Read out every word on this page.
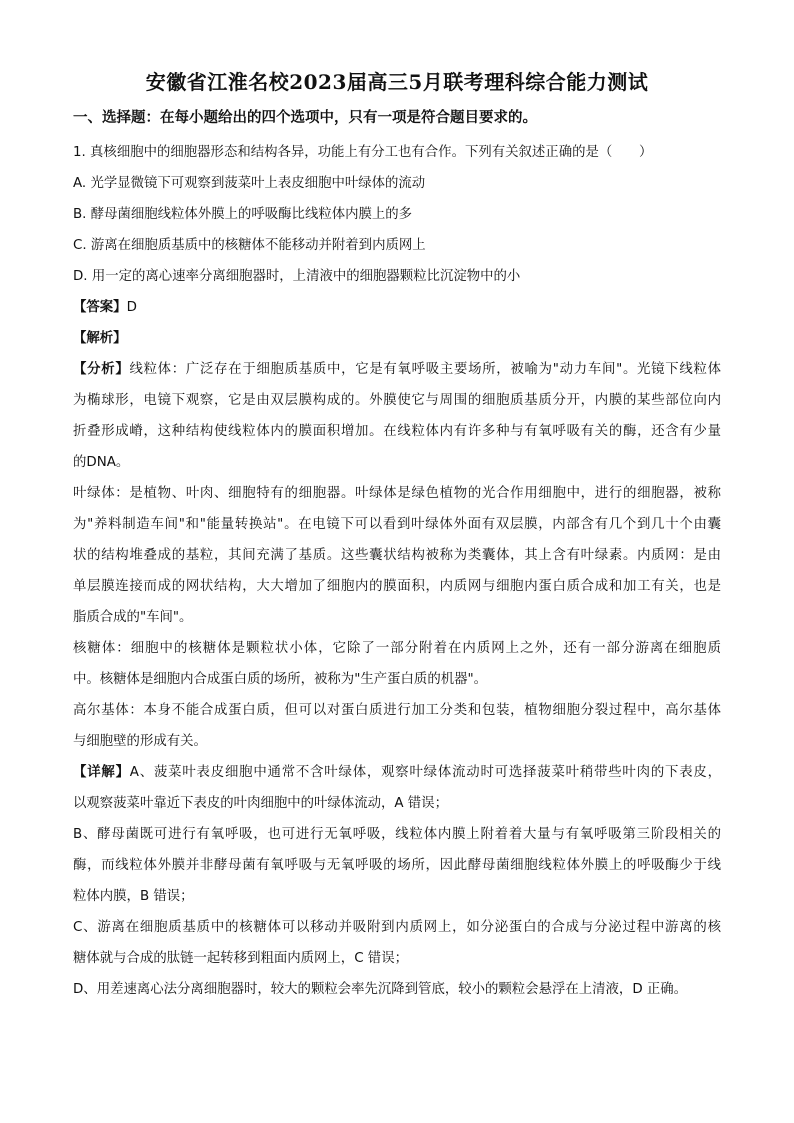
安徽省江淮名校2023届高三5月联考理科综合能力测试
一、选择题：在每小题给出的四个选项中，只有一项是符合题目要求的。
1. 真核细胞中的细胞器形态和结构各异，功能上有分工也有合作。下列有关叙述正确的是（　　）
A. 光学显微镜下可观察到菠菜叶上表皮细胞中叶绿体的流动
B. 酵母菌细胞线粒体外膜上的呼吸酶比线粒体内膜上的多
C. 游离在细胞质基质中的核糖体不能移动并附着到内质网上
D. 用一定的离心速率分离细胞器时，上清液中的细胞器颗粒比沉淀物中的小
【答案】D
【解析】
【分析】线粒体：广泛存在于细胞质基质中，它是有氧呼吸主要场所，被喻为"动力车间"。光镜下线粒体
为椭球形，电镜下观察，它是由双层膜构成的。外膜使它与周围的细胞质基质分开，内膜的某些部位向内
折叠形成嵴，这种结构使线粒体内的膜面积增加。在线粒体内有许多种与有氧呼吸有关的酶，还含有少量
的DNA。
叶绿体：是植物、叶肉、细胞特有的细胞器。叶绿体是绿色植物的光合作用细胞中，进行的细胞器，被称
为"养料制造车间"和"能量转换站"。在电镜下可以看到叶绿体外面有双层膜，内部含有几个到几十个由囊
状的结构堆叠成的基粒，其间充满了基质。这些囊状结构被称为类囊体，其上含有叶绿素。内质网：是由
单层膜连接而成的网状结构，大大增加了细胞内的膜面积，内质网与细胞内蛋白质合成和加工有关，也是
脂质合成的"车间"。
核糖体：细胞中的核糖体是颗粒状小体，它除了一部分附着在内质网上之外，还有一部分游离在细胞质
中。核糖体是细胞内合成蛋白质的场所，被称为"生产蛋白质的机器"。
高尔基体：本身不能合成蛋白质，但可以对蛋白质进行加工分类和包装，植物细胞分裂过程中，高尔基体
与细胞壁的形成有关。
【详解】A、菠菜叶表皮细胞中通常不含叶绿体，观察叶绿体流动时可选择菠菜叶稍带些叶肉的下表皮，
以观察菠菜叶靠近下表皮的叶肉细胞中的叶绿体流动，A 错误；
B、酵母菌既可进行有氧呼吸，也可进行无氧呼吸，线粒体内膜上附着着大量与有氧呼吸第三阶段相关的
酶，而线粒体外膜并非酵母菌有氧呼吸与无氧呼吸的场所，因此酵母菌细胞线粒体外膜上的呼吸酶少于线
粒体内膜，B 错误；
C、游离在细胞质基质中的核糖体可以移动并吸附到内质网上，如分泌蛋白的合成与分泌过程中游离的核
糖体就与合成的肽链一起转移到粗面内质网上，C 错误；
D、用差速离心法分离细胞器时，较大的颗粒会率先沉降到管底，较小的颗粒会悬浮在上清液，D 正确。
